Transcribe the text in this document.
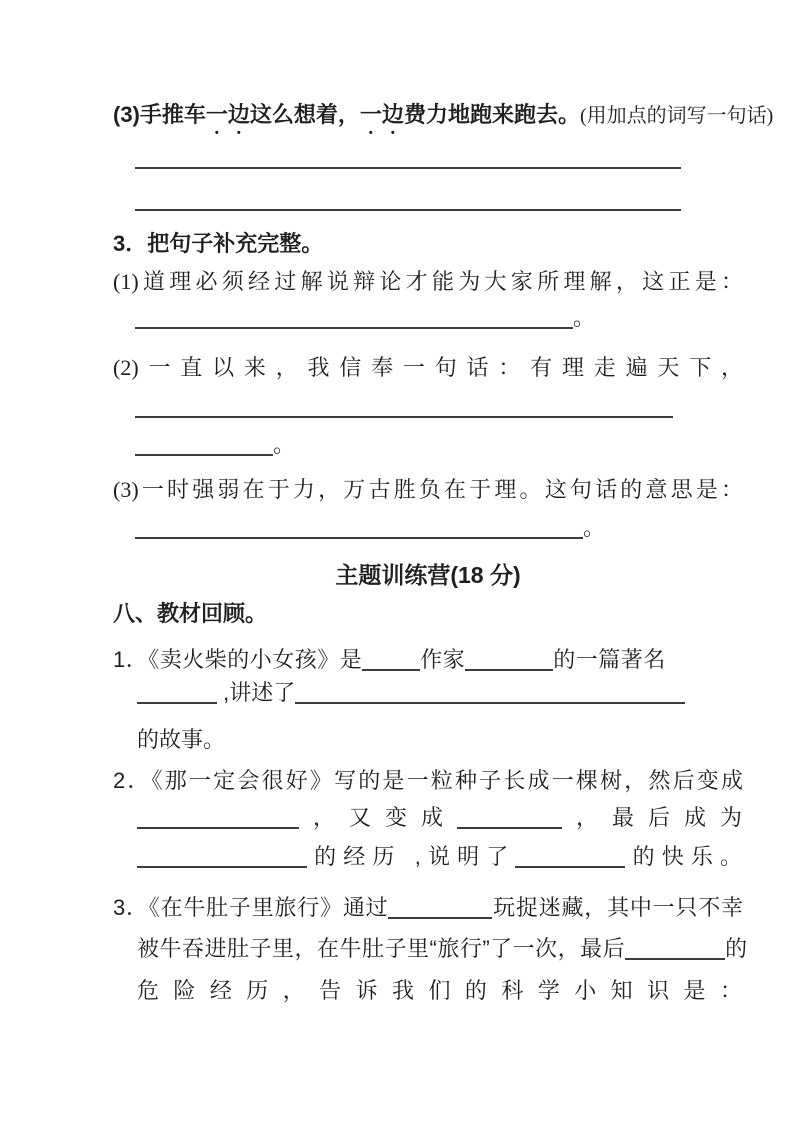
(3)手推车一边这么想着，一边费力地跑来跑去。(用加点的词写一句话)
3．把句子补充完整。
(1)道理必须经过解说辩论才能为大家所理解，这正是：
。
(2)一直以来，我信奉一句话：有理走遍天下，
。
(3)一时强弱在于力，万古胜负在于理。这句话的意思是：
。
主题训练营(18 分)
八、教材回顾。
1．《卖火柴的小女孩》是	作家	的一篇著名
,讲述了
的故事。
2．《那一定会很好》写的是一粒种子长成一棵树，然后变成
，又变成	，最后成为
的经历 ,说明了	的快乐。
3．《在牛肚子里旅行》通过	玩捉迷藏，其中一只不幸
被牛吞进肚子里，在牛肚子里“旅行”了一次，最后	的
危险经历，告诉我们的科学小知识是：
